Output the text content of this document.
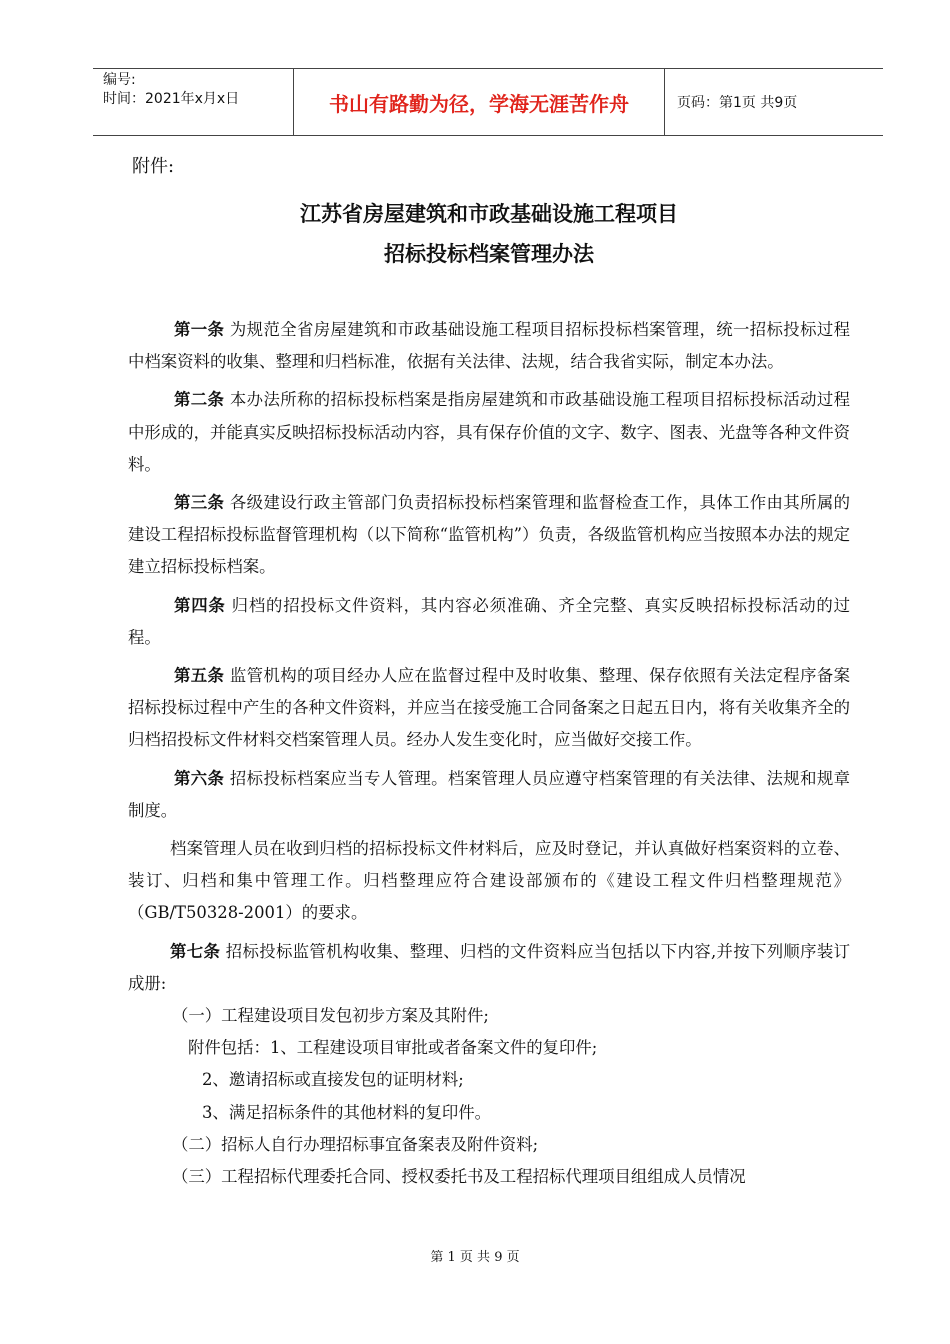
编号:
时间：2021年x月x日	书山有路勤为径，学海无涯苦作舟	页码：第1页 共9页
附件:
江苏省房屋建筑和市政基础设施工程项目
招标投标档案管理办法

第一条 为规范全省房屋建筑和市政基础设施工程项目招标投标档案管理，统一招标投标过程中档案资料的收集、整理和归档标准，依据有关法律、法规，结合我省实际，制定本办法。

第二条 本办法所称的招标投标档案是指房屋建筑和市政基础设施工程项目招标投标活动过程中形成的，并能真实反映招标投标活动内容，具有保存价值的文字、数字、图表、光盘等各种文件资料。

第三条 各级建设行政主管部门负责招标投标档案管理和监督检查工作，具体工作由其所属的建设工程招标投标监督管理机构（以下简称“监管机构”）负责，各级监管机构应当按照本办法的规定建立招标投标档案。

第四条 归档的招投标文件资料，其内容必须准确、齐全完整、真实反映招标投标活动的过程。

第五条 监管机构的项目经办人应在监督过程中及时收集、整理、保存依照有关法定程序备案招标投标过程中产生的各种文件资料，并应当在接受施工合同备案之日起五日内，将有关收集齐全的归档招投标文件材料交档案管理人员。经办人发生变化时，应当做好交接工作。

第六条 招标投标档案应当专人管理。档案管理人员应遵守档案管理的有关法律、法规和规章制度。

档案管理人员在收到归档的招标投标文件材料后，应及时登记，并认真做好档案资料的立卷、装订、归档和集中管理工作。归档整理应符合建设部颁布的《建设工程文件归档整理规范》（GB/T50328-2001）的要求。

第七条 招标投标监管机构收集、整理、归档的文件资料应当包括以下内容,并按下列顺序装订成册:

（一）工程建设项目发包初步方案及其附件;

附件包括：1、工程建设项目审批或者备案文件的复印件;

2、邀请招标或直接发包的证明材料;

3、满足招标条件的其他材料的复印件。

（二）招标人自行办理招标事宜备案表及附件资料;

（三）工程招标代理委托合同、授权委托书及工程招标代理项目组组成人员情况

第 1 页 共 9 页
